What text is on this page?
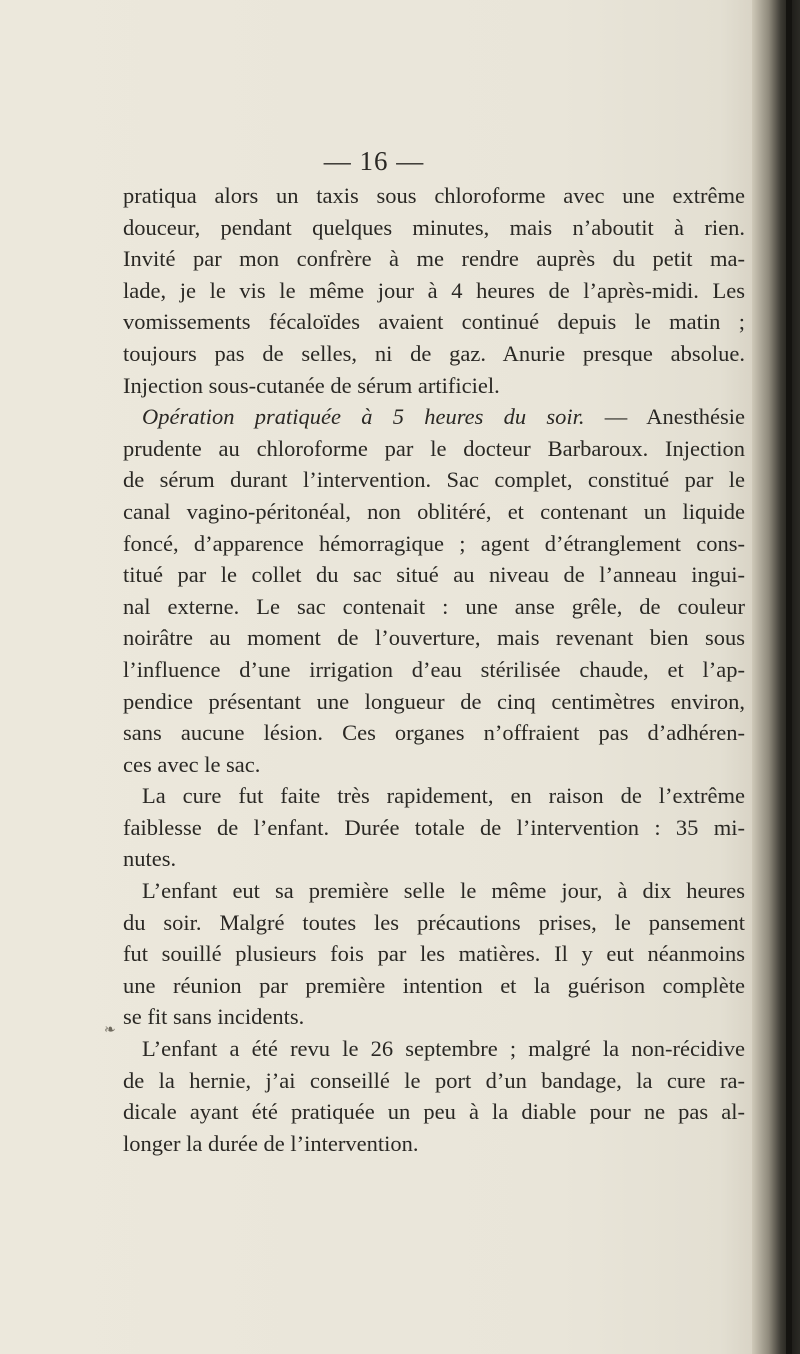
— 16 —
pratiqua alors un taxis sous chloroforme avec une extrême
douceur, pendant quelques minutes, mais n’aboutit à rien.
Invité par mon confrère à me rendre auprès du petit ma-
lade, je le vis le même jour à 4 heures de l’après-midi. Les
vomissements fécaloïdes avaient continué depuis le matin ;
toujours pas de selles, ni de gaz. Anurie presque absolue.
Injection sous-cutanée de sérum artificiel.
Opération pratiquée à 5 heures du soir. — Anesthésie
prudente au chloroforme par le docteur Barbaroux. Injection
de sérum durant l’intervention. Sac complet, constitué par le
canal vagino-péritonéal, non oblitéré, et contenant un liquide
foncé, d’apparence hémorragique ; agent d’étranglement cons-
titué par le collet du sac situé au niveau de l’anneau ingui-
nal externe. Le sac contenait : une anse grêle, de couleur
noirâtre au moment de l’ouverture, mais revenant bien sous
l’influence d’une irrigation d’eau stérilisée chaude, et l’ap-
pendice présentant une longueur de cinq centimètres environ,
sans aucune lésion. Ces organes n’offraient pas d’adhéren-
ces avec le sac.
La cure fut faite très rapidement, en raison de l’extrême
faiblesse de l’enfant. Durée totale de l’intervention : 35 mi-
nutes.
L’enfant eut sa première selle le même jour, à dix heures
du soir. Malgré toutes les précautions prises, le pansement
fut souillé plusieurs fois par les matières. Il y eut néanmoins
une réunion par première intention et la guérison complète
se fit sans incidents.
L’enfant a été revu le 26 septembre ; malgré la non-récidive
de la hernie, j’ai conseillé le port d’un bandage, la cure ra-
dicale ayant été pratiquée un peu à la diable pour ne pas al-
longer la durée de l’intervention.
❧
